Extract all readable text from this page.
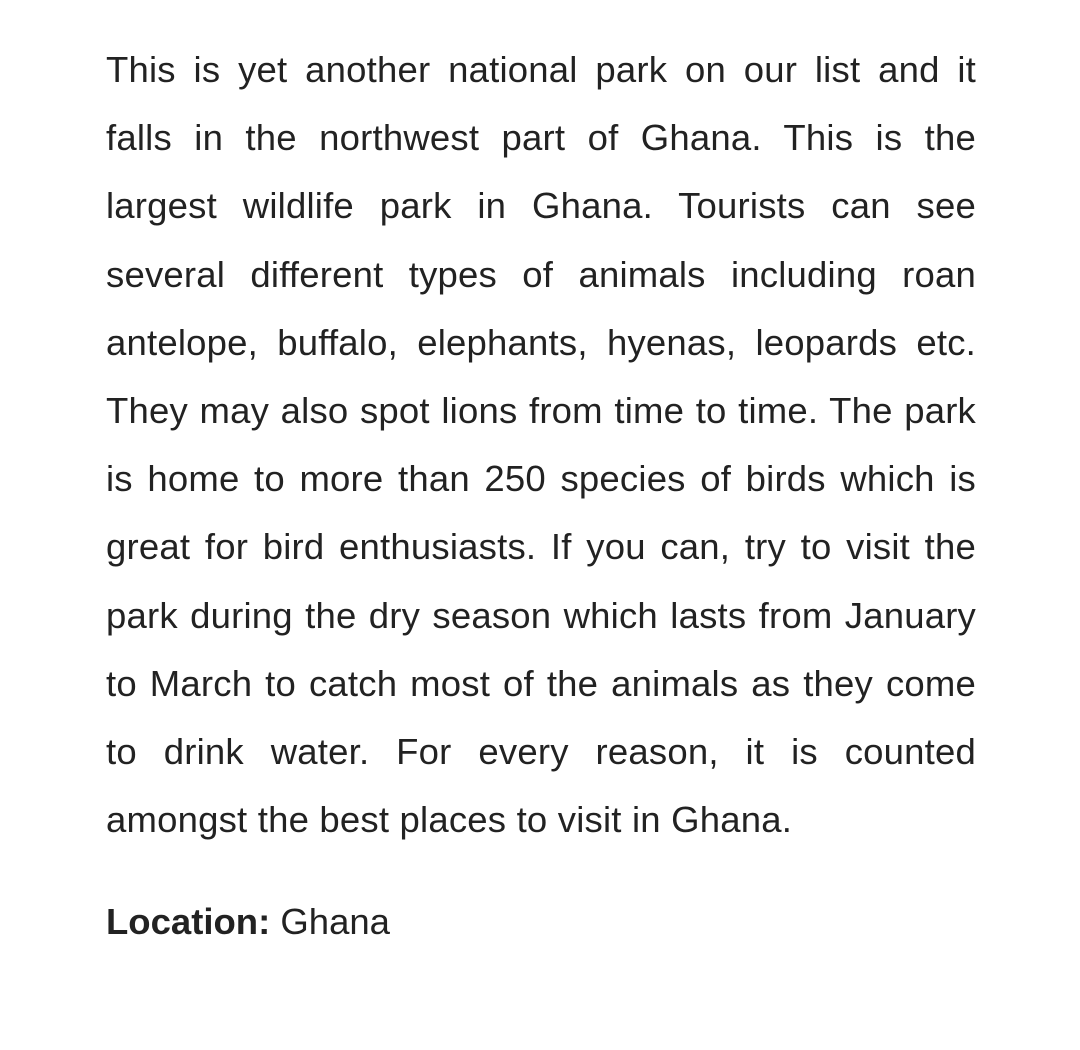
This is yet another national park on our list and it falls in the northwest part of Ghana. This is the largest wildlife park in Ghana. Tourists can see several different types of animals including roan antelope, buffalo, elephants, hyenas, leopards etc. They may also spot lions from time to time. The park is home to more than 250 species of birds which is great for bird enthusiasts. If you can, try to visit the park during the dry season which lasts from January to March to catch most of the animals as they come to drink water. For every reason, it is counted amongst the best places to visit in Ghana.

Location: Ghana
